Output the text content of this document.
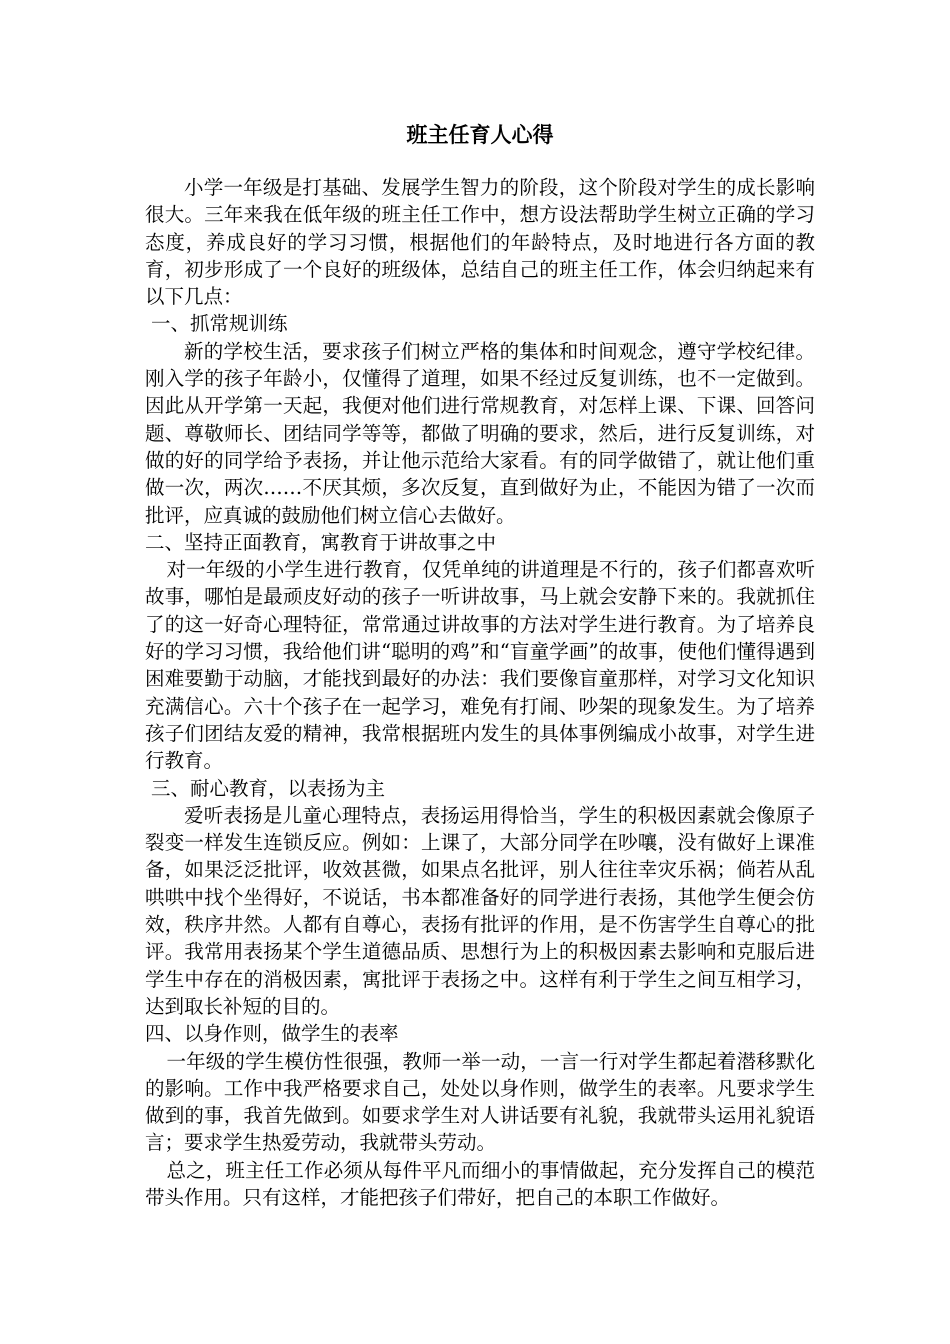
班主任育人心得

小学一年级是打基础、发展学生智力的阶段，这个阶段对学生的成长影响很大。三年来我在低年级的班主任工作中，想方设法帮助学生树立正确的学习态度，养成良好的学习习惯，根据他们的年龄特点，及时地进行各方面的教育，初步形成了一个良好的班级体，总结自己的班主任工作，体会归纳起来有以下几点：

一、抓常规训练

新的学校生活，要求孩子们树立严格的集体和时间观念，遵守学校纪律。刚入学的孩子年龄小，仅懂得了道理，如果不经过反复训练，也不一定做到。因此从开学第一天起，我便对他们进行常规教育，对怎样上课、下课、回答问题、尊敬师长、团结同学等等，都做了明确的要求，然后，进行反复训练，对做的好的同学给予表扬，并让他示范给大家看。有的同学做错了，就让他们重做一次，两次……不厌其烦，多次反复，直到做好为止，不能因为错了一次而批评，应真诚的鼓励他们树立信心去做好。

二、坚持正面教育，寓教育于讲故事之中

对一年级的小学生进行教育，仅凭单纯的讲道理是不行的，孩子们都喜欢听故事，哪怕是最顽皮好动的孩子一听讲故事，马上就会安静下来的。我就抓住了的这一好奇心理特征，常常通过讲故事的方法对学生进行教育。为了培养良好的学习习惯，我给他们讲“聪明的鸡”和“盲童学画”的故事，使他们懂得遇到困难要勤于动脑，才能找到最好的办法：我们要像盲童那样，对学习文化知识充满信心。六十个孩子在一起学习，难免有打闹、吵架的现象发生。为了培养孩子们团结友爱的精神，我常根据班内发生的具体事例编成小故事，对学生进行教育。

三、耐心教育，以表扬为主

爱听表扬是儿童心理特点，表扬运用得恰当，学生的积极因素就会像原子裂变一样发生连锁反应。例如：上课了，大部分同学在吵嚷，没有做好上课准备，如果泛泛批评，收效甚微，如果点名批评，别人往往幸灾乐祸；倘若从乱哄哄中找个坐得好，不说话，书本都准备好的同学进行表扬，其他学生便会仿效，秩序井然。人都有自尊心，表扬有批评的作用，是不伤害学生自尊心的批评。我常用表扬某个学生道德品质、思想行为上的积极因素去影响和克服后进学生中存在的消极因素，寓批评于表扬之中。这样有利于学生之间互相学习，达到取长补短的目的。

四、以身作则，做学生的表率

一年级的学生模仿性很强，教师一举一动，一言一行对学生都起着潜移默化的影响。工作中我严格要求自己，处处以身作则，做学生的表率。凡要求学生做到的事，我首先做到。如要求学生对人讲话要有礼貌，我就带头运用礼貌语言；要求学生热爱劳动，我就带头劳动。

总之，班主任工作必须从每件平凡而细小的事情做起，充分发挥自己的模范带头作用。只有这样，才能把孩子们带好，把自己的本职工作做好。
